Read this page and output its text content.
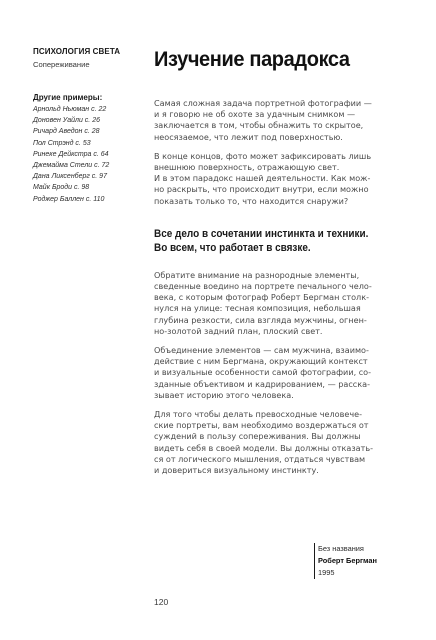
ПСИХОЛОГИЯ СВЕТА
Сопереживание
Другие примеры:
Арнольд Ньюман с. 22
Доновен Уайли с. 26
Ричард Аведон с. 28
Пол Стрэнд с. 53
Ринеке Дейкстра с. 64
Джемайма Стели с. 72
Дана Ликсенберг с. 97
Майк Броди с. 98
Роджер Баллен с. 110
Изучение парадокса

Самая сложная задача портретной фотографии —
и я говорю не об охоте за удачным снимком —
заключается в том, чтобы обнажить то скрытое,
неосязаемое, что лежит под поверхностью.

В конце концов, фото может зафиксировать лишь
внешнюю поверхность, отражающую свет.
И в этом парадокс нашей деятельности. Как мож-
но раскрыть, что происходит внутри, если можно
показать только то, что находится снаружи?

Все дело в сочетании инстинкта и техники.
Во всем, что работает в связке.

Обратите внимание на разнородные элементы,
сведенные воедино на портрете печального чело-
века, с которым фотограф Роберт Бергман столк-
нулся на улице: тесная композиция, небольшая
глубина резкости, сила взгляда мужчины, огнен-
но-золотой задний план, плоский свет.

Объединение элементов — сам мужчина, взаимо-
действие с ним Бергмана, окружающий контекст
и визуальные особенности самой фотографии, со-
зданные объективом и кадрированием, — расска-
зывает историю этого человека.

Для того чтобы делать превосходные человече-
ские портреты, вам необходимо воздержаться от
суждений в пользу сопереживания. Вы должны
видеть себя в своей модели. Вы должны отказать-
ся от логического мышления, отдаться чувствам
и довериться визуальному инстинкту.

Без названия
Роберт Бергман
1995
120
